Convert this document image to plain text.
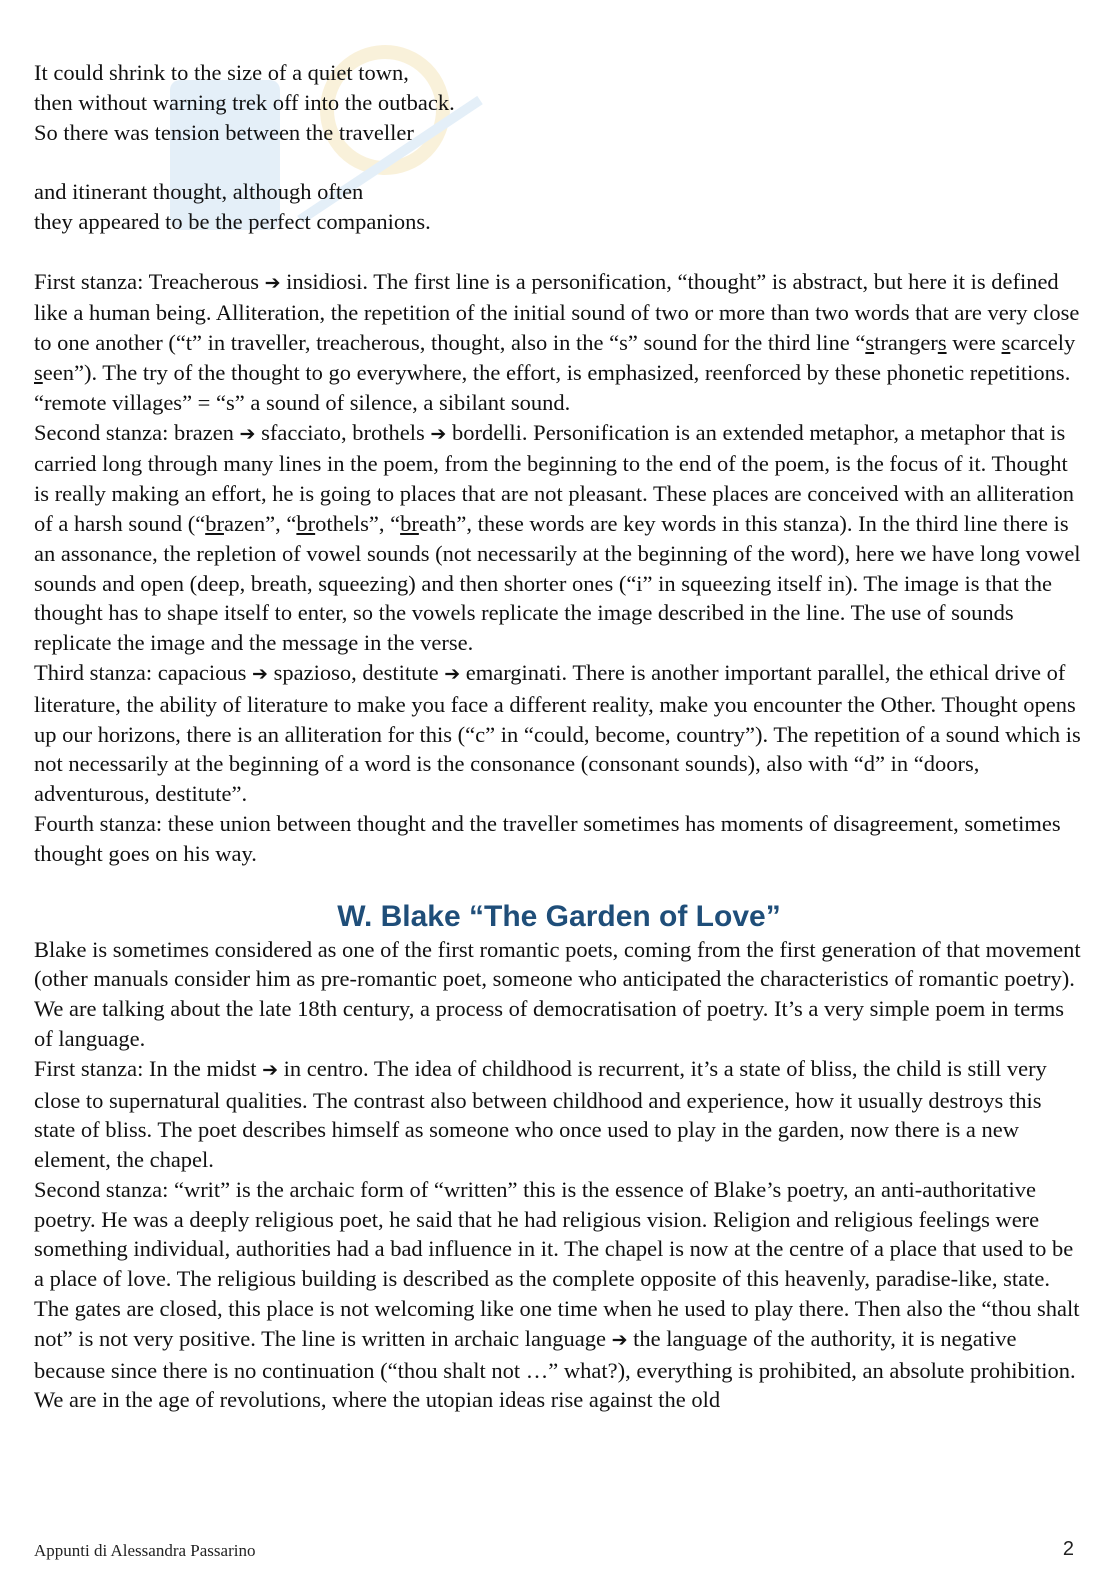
It could shrink to the size of a quiet town,

then without warning trek off into the outback.

So there was tension between the traveller

and itinerant thought, although often

they appeared to be the perfect companions.

First stanza: Treacherous ➔ insidiosi. The first line is a personification, “thought” is abstract, but here it is defined like a human being. Alliteration, the repetition of the initial sound of two or more than two words that are very close to one another (“t” in traveller, treacherous, thought, also in the “s” sound for the third line “strangers were scarcely seen”). The try of the thought to go everywhere, the effort, is emphasized, reenforced by these phonetic repetitions. “remote villages” = “s” a sound of silence, a sibilant sound.

Second stanza: brazen ➔ sfacciato, brothels ➔ bordelli. Personification is an extended metaphor, a metaphor that is carried long through many lines in the poem, from the beginning to the end of the poem, is the focus of it. Thought is really making an effort, he is going to places that are not pleasant. These places are conceived with an alliteration of a harsh sound (“brazen”, “brothels”, “breath”, these words are key words in this stanza). In the third line there is an assonance, the repletion of vowel sounds (not necessarily at the beginning of the word), here we have long vowel sounds and open (deep, breath, squeezing) and then shorter ones (“i” in squeezing itself in). The image is that the thought has to shape itself to enter, so the vowels replicate the image described in the line. The use of sounds replicate the image and the message in the verse.

Third stanza: capacious ➔ spazioso, destitute ➔ emarginati. There is another important parallel, the ethical drive of literature, the ability of literature to make you face a different reality, make you encounter the Other. Thought opens up our horizons, there is an alliteration for this (“c” in “could, become, country”). The repetition of a sound which is not necessarily at the beginning of a word is the consonance (consonant sounds), also with “d” in “doors, adventurous, destitute”.

Fourth stanza: these union between thought and the traveller sometimes has moments of disagreement, sometimes thought goes on his way.

W. Blake “The Garden of Love”

Blake is sometimes considered as one of the first romantic poets, coming from the first generation of that movement (other manuals consider him as pre-romantic poet, someone who anticipated the characteristics of romantic poetry). We are talking about the late 18th century, a process of democratisation of poetry. It’s a very simple poem in terms of language.

First stanza: In the midst ➔ in centro. The idea of childhood is recurrent, it’s a state of bliss, the child is still very close to supernatural qualities. The contrast also between childhood and experience, how it usually destroys this state of bliss. The poet describes himself as someone who once used to play in the garden, now there is a new element, the chapel.

Second stanza: “writ” is the archaic form of “written” this is the essence of Blake’s poetry, an anti-authoritative poetry. He was a deeply religious poet, he said that he had religious vision. Religion and religious feelings were something individual, authorities had a bad influence in it. The chapel is now at the centre of a place that used to be a place of love. The religious building is described as the complete opposite of this heavenly, paradise-like, state. The gates are closed, this place is not welcoming like one time when he used to play there. Then also the “thou shalt not” is not very positive. The line is written in archaic language ➔ the language of the authority, it is negative because since there is no continuation (“thou shalt not …” what?), everything is prohibited, an absolute prohibition. We are in the age of revolutions, where the utopian ideas rise against the old

Appunti di Alessandra Passarino	2
